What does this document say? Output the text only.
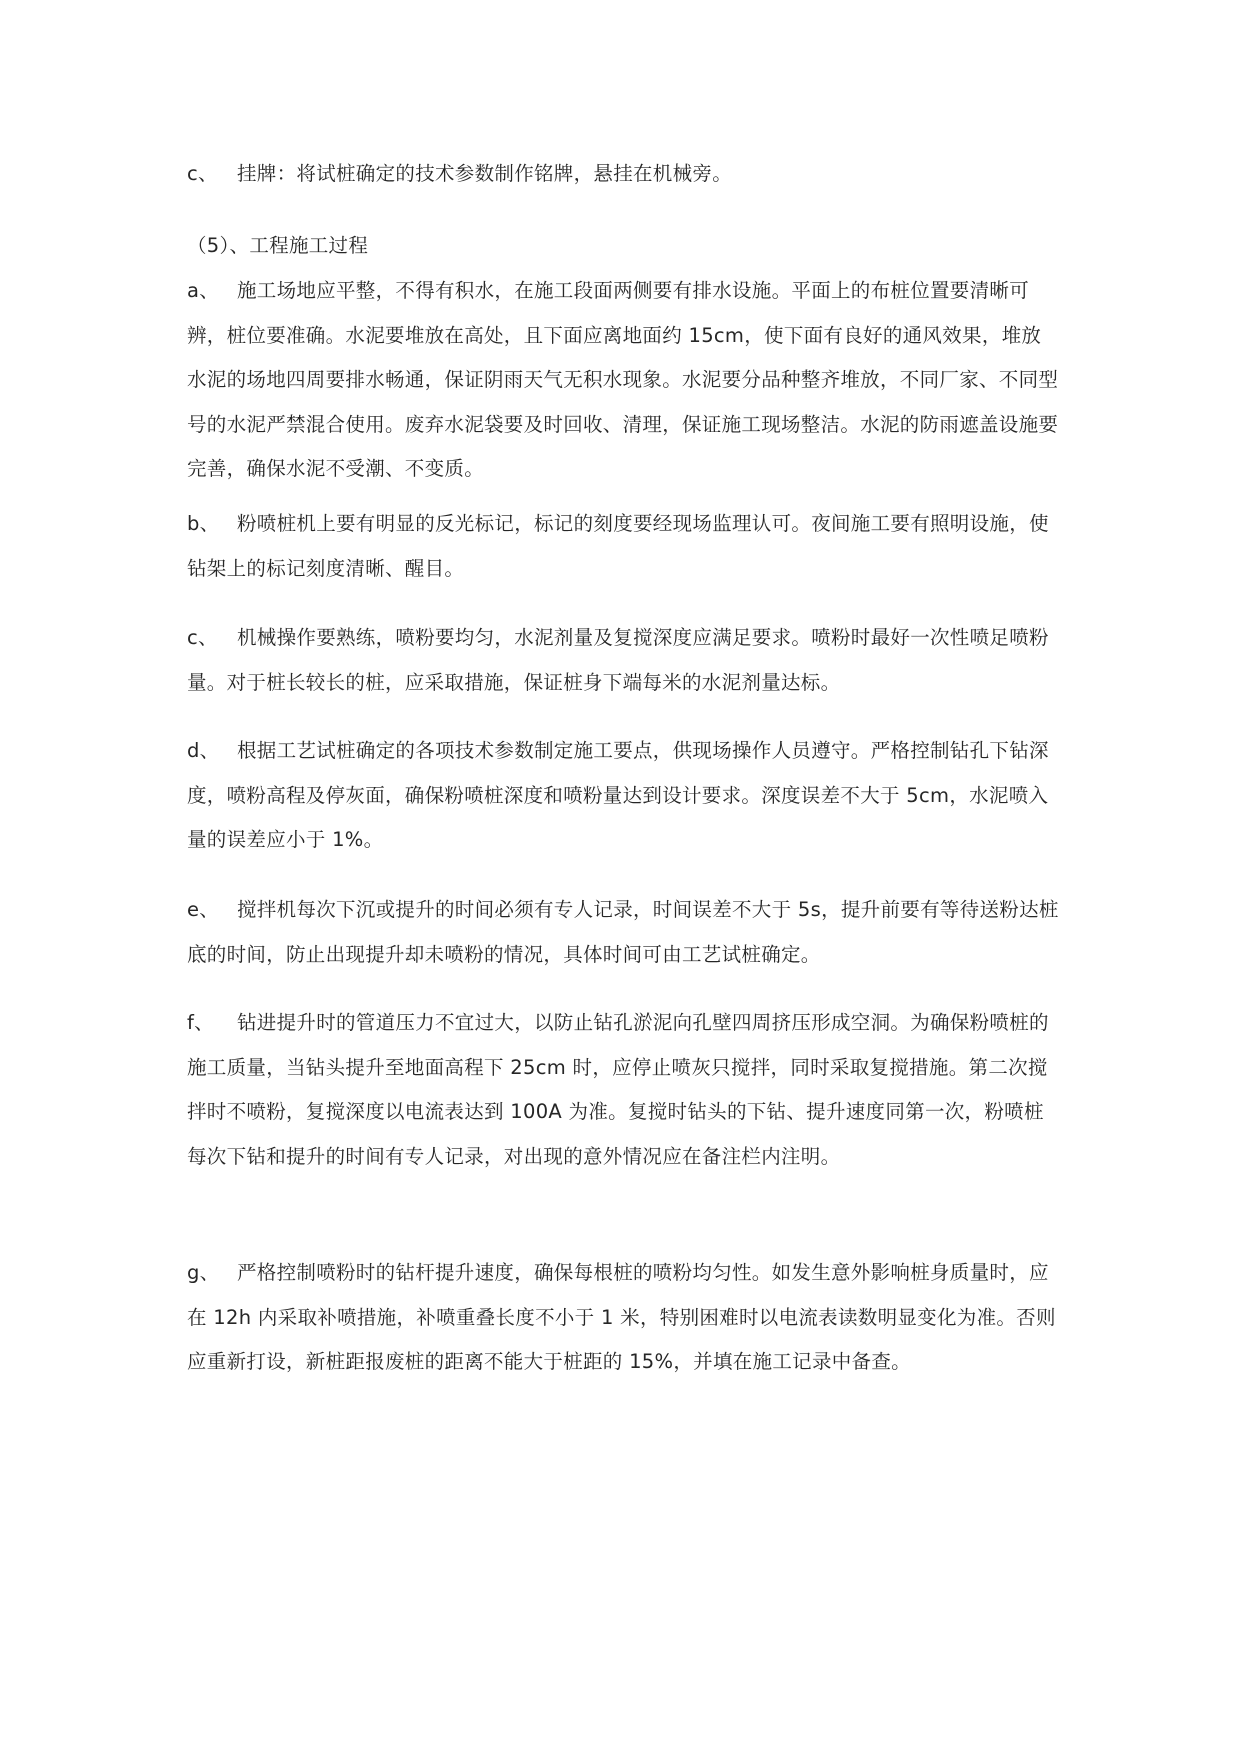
c、 挂牌：将试桩确定的技术参数制作铭牌，悬挂在机械旁。

（5）、工程施工过程

a、 施工场地应平整，不得有积水，在施工段面两侧要有排水设施。平面上的布桩位置要清晰可辨，桩位要准确。水泥要堆放在高处，且下面应离地面约 15cm，使下面有良好的通风效果，堆放水泥的场地四周要排水畅通，保证阴雨天气无积水现象。水泥要分品种整齐堆放，不同厂家、不同型号的水泥严禁混合使用。废弃水泥袋要及时回收、清理，保证施工现场整洁。水泥的防雨遮盖设施要完善，确保水泥不受潮、不变质。

b、 粉喷桩机上要有明显的反光标记，标记的刻度要经现场监理认可。夜间施工要有照明设施，使钻架上的标记刻度清晰、醒目。

c、 机械操作要熟练，喷粉要均匀，水泥剂量及复搅深度应满足要求。喷粉时最好一次性喷足喷粉量。对于桩长较长的桩，应采取措施，保证桩身下端每米的水泥剂量达标。

d、 根据工艺试桩确定的各项技术参数制定施工要点，供现场操作人员遵守。严格控制钻孔下钻深度，喷粉高程及停灰面，确保粉喷桩深度和喷粉量达到设计要求。深度误差不大于 5cm，水泥喷入量的误差应小于 1%。

e、 搅拌机每次下沉或提升的时间必须有专人记录，时间误差不大于 5s，提升前要有等待送粉达桩底的时间，防止出现提升却未喷粉的情况，具体时间可由工艺试桩确定。

f、 钻进提升时的管道压力不宜过大，以防止钻孔淤泥向孔壁四周挤压形成空洞。为确保粉喷桩的施工质量，当钻头提升至地面高程下 25cm 时，应停止喷灰只搅拌，同时采取复搅措施。第二次搅拌时不喷粉，复搅深度以电流表达到 100A 为准。复搅时钻头的下钻、提升速度同第一次，粉喷桩每次下钻和提升的时间有专人记录，对出现的意外情况应在备注栏内注明。

g、 严格控制喷粉时的钻杆提升速度，确保每根桩的喷粉均匀性。如发生意外影响桩身质量时，应在 12h 内采取补喷措施，补喷重叠长度不小于 1 米，特别困难时以电流表读数明显变化为准。否则应重新打设，新桩距报废桩的距离不能大于桩距的 15%，并填在施工记录中备查。
